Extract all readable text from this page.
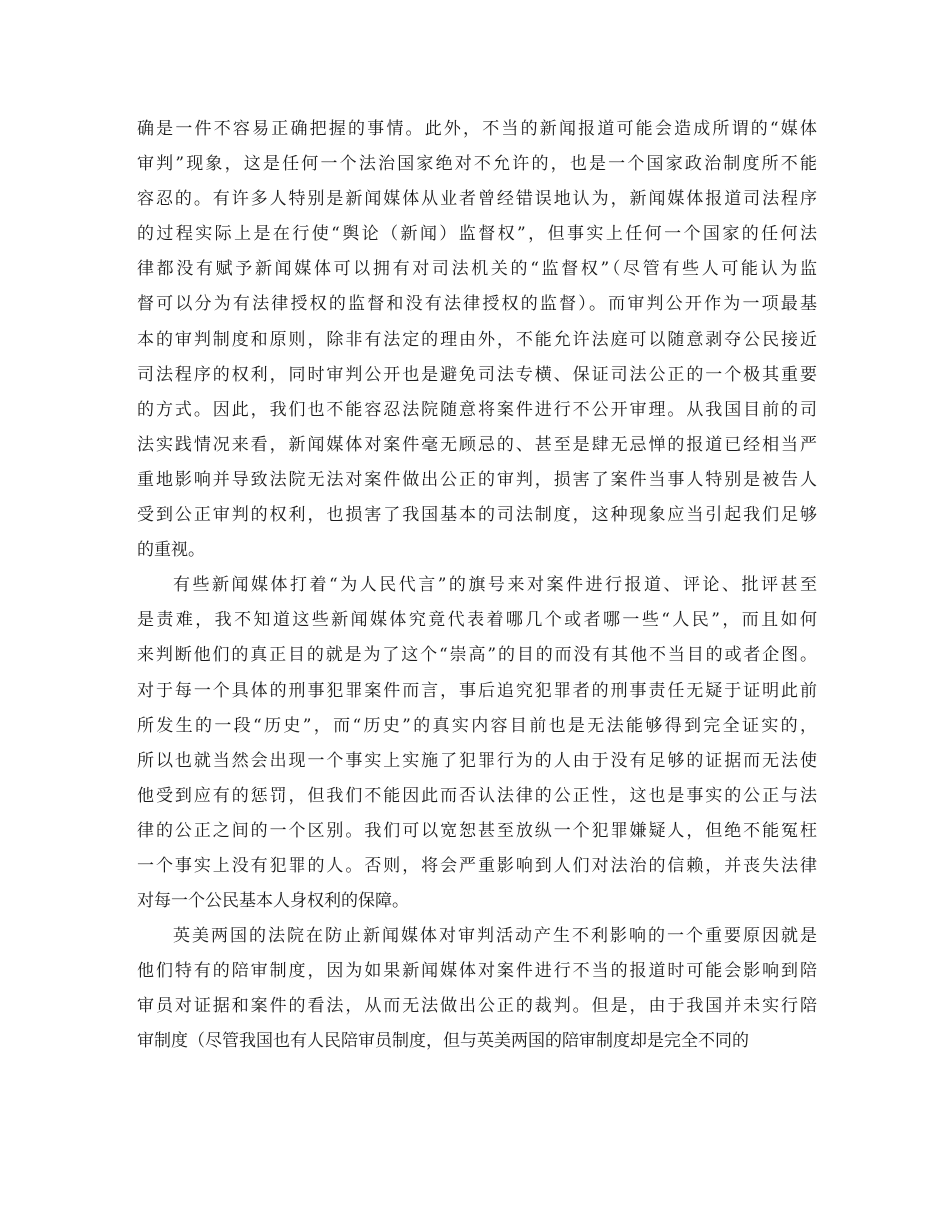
确是一件不容易正确把握的事情。此外，不当的新闻报道可能会造成所谓的“媒体
审判”现象，这是任何一个法治国家绝对不允许的，也是一个国家政治制度所不能
容忍的。有许多人特别是新闻媒体从业者曾经错误地认为，新闻媒体报道司法程序
的过程实际上是在行使“舆论（新闻）监督权”，但事实上任何一个国家的任何法
律都没有赋予新闻媒体可以拥有对司法机关的“监督权”（尽管有些人可能认为监
督可以分为有法律授权的监督和没有法律授权的监督）。而审判公开作为一项最基
本的审判制度和原则，除非有法定的理由外，不能允许法庭可以随意剥夺公民接近
司法程序的权利，同时审判公开也是避免司法专横、保证司法公正的一个极其重要
的方式。因此，我们也不能容忍法院随意将案件进行不公开审理。从我国目前的司
法实践情况来看，新闻媒体对案件毫无顾忌的、甚至是肆无忌惮的报道已经相当严
重地影响并导致法院无法对案件做出公正的审判，损害了案件当事人特别是被告人
受到公正审判的权利，也损害了我国基本的司法制度，这种现象应当引起我们足够
的重视。
有些新闻媒体打着“为人民代言”的旗号来对案件进行报道、评论、批评甚至
是责难，我不知道这些新闻媒体究竟代表着哪几个或者哪一些“人民”，而且如何
来判断他们的真正目的就是为了这个“崇高”的目的而没有其他不当目的或者企图。
对于每一个具体的刑事犯罪案件而言，事后追究犯罪者的刑事责任无疑于证明此前
所发生的一段“历史”，而“历史”的真实内容目前也是无法能够得到完全证实的，
所以也就当然会出现一个事实上实施了犯罪行为的人由于没有足够的证据而无法使
他受到应有的惩罚，但我们不能因此而否认法律的公正性，这也是事实的公正与法
律的公正之间的一个区别。我们可以宽恕甚至放纵一个犯罪嫌疑人，但绝不能冤枉
一个事实上没有犯罪的人。否则，将会严重影响到人们对法治的信赖，并丧失法律
对每一个公民基本人身权利的保障。
英美两国的法院在防止新闻媒体对审判活动产生不利影响的一个重要原因就是
他们特有的陪审制度，因为如果新闻媒体对案件进行不当的报道时可能会影响到陪
审员对证据和案件的看法，从而无法做出公正的裁判。但是，由于我国并未实行陪
审制度（尽管我国也有人民陪审员制度，但与英美两国的陪审制度却是完全不同的
